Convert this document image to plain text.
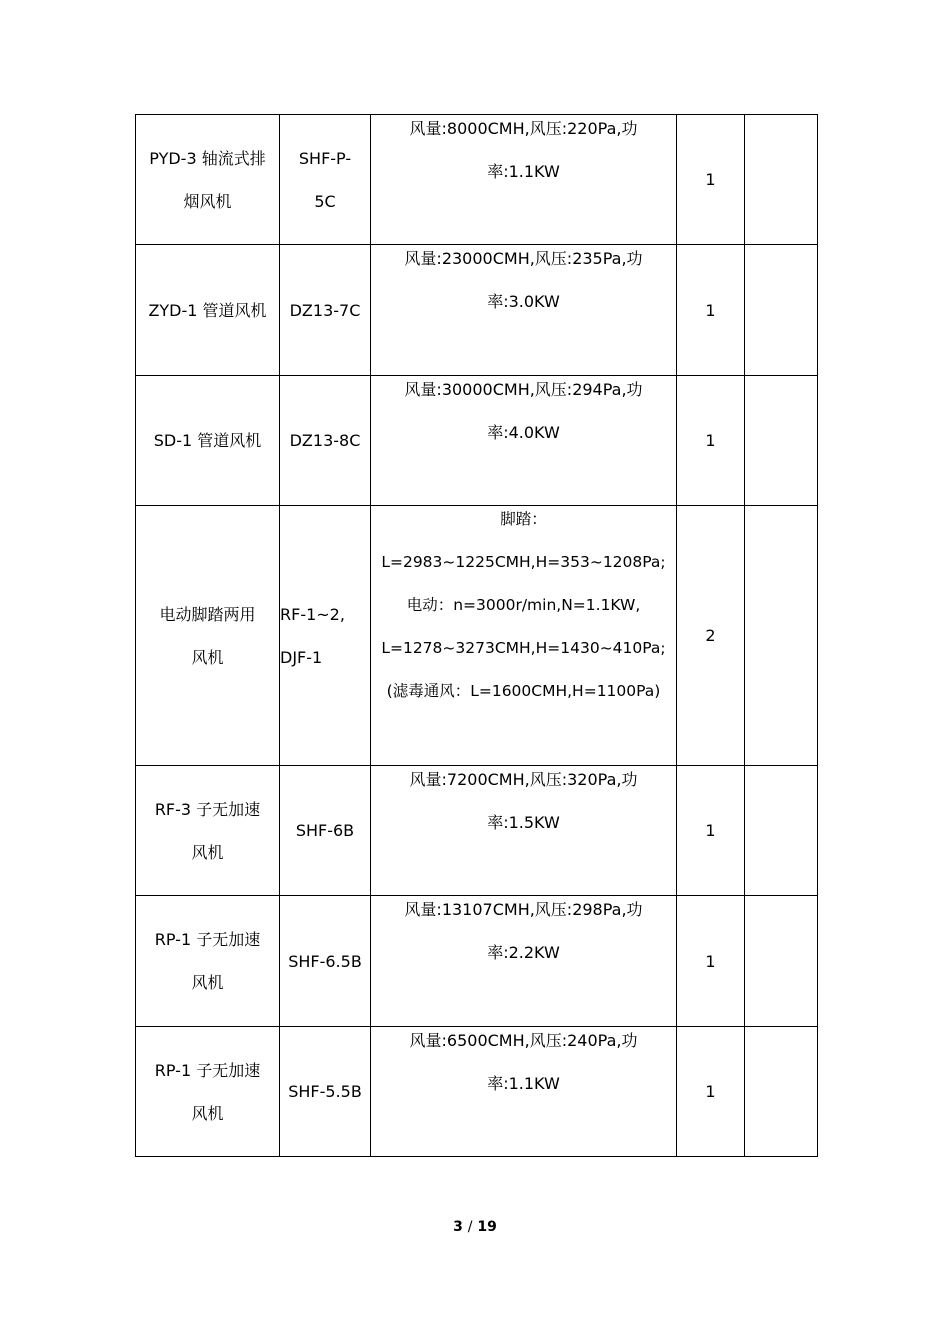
PYD-3 轴流式排
烟风机	SHF-P-
5C	风量:8000CMH,风压:220Pa,功
率:1.1KW	1	

ZYD-1 管道风机	DZ13-7C	风量:23000CMH,风压:235Pa,功
率:3.0KW	1	

SD-1 管道风机	DZ13-8C	风量:30000CMH,风压:294Pa,功
率:4.0KW	1	

电动脚踏两用
风机	RF-1~2,
DJF-1	脚踏：
L=2983~1225CMH,H=353~1208Pa;
电动：n=3000r/min,N=1.1KW,
L=1278~3273CMH,H=1430~410Pa;
(滤毒通风：L=1600CMH,H=1100Pa)	2	

RF-3 子无加速
风机	SHF-6B	风量:7200CMH,风压:320Pa,功
率:1.5KW	1	

RP-1 子无加速
风机	SHF-6.5B	风量:13107CMH,风压:298Pa,功
率:2.2KW	1	

RP-1 子无加速
风机	SHF-5.5B	风量:6500CMH,风压:240Pa,功
率:1.1KW	1	
3 / 19
